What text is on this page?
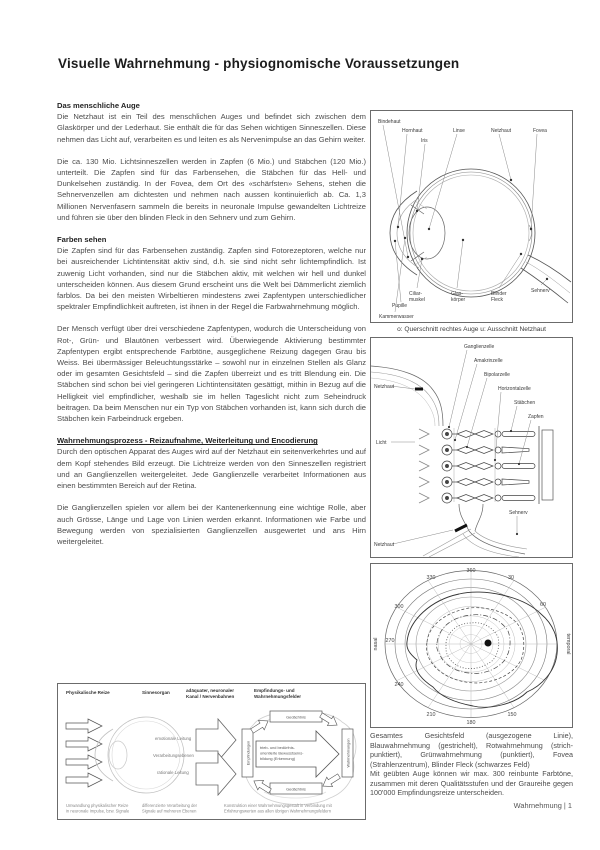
Visuelle Wahrnehmung - physiognomische Voraussetzungen
Das menschliche Auge

Die Netzhaut ist ein Teil des menschlichen Auges und befindet sich zwischen dem Glaskörper und der Lederhaut. Sie enthält die für das Sehen wichtigen Sinneszellen. Diese nehmen das Licht auf, verarbeiten es und leiten es als Nervenimpulse an das Gehirn weiter.

Die ca. 130 Mio. Lichtsinneszellen werden in Zapfen (6 Mio.) und Stäbchen (120 Mio.) unterteilt. Die Zapfen sind für das Farbensehen, die Stäbchen für das Hell- und Dunkelsehen zuständig. In der Fovea, dem Ort des «schärfsten» Sehens, stehen die Sehnervenzellen am dichtesten und nehmen nach aussen kontinuierlich ab. Ca. 1,3 Millionen Nervenfasern sammeln die bereits in neuronale Impulse gewandelten Lichtreize und führen sie über den blinden Fleck in den Sehnerv und zum Gehirn.

Farben sehen

Die Zapfen sind für das Farbensehen zuständig. Zapfen sind Fotorezeptoren, welche nur bei ausreichender Lichtintensität aktiv sind, d.h. sie sind nicht sehr lichtempfindlich. Ist zuwenig Licht vorhanden, sind nur die Stäbchen aktiv, mit welchen wir hell und dunkel unterscheiden können. Aus diesem Grund erscheint uns die Welt bei Dämmerlicht ziemlich farblos. Da bei den meisten Wirbeltieren mindestens zwei Zapfentypen unterschiedlicher spektraler Empfindlichkeit auftreten, ist ihnen in der Regel die Farbwahrnehmung möglich.

Der Mensch verfügt über drei verschiedene Zapfentypen, wodurch die Unterscheidung von Rot-, Grün- und Blautönen verbessert wird. Überwiegende Aktivierung bestimmter Zapfentypen ergibt entsprechende Farbtöne, ausgeglichene Reizung dagegen Grau bis Weiss. Bei übermässiger Beleuchtungsstärke – sowohl nur in einzelnen Stellen als Glanz oder im gesamten Gesichtsfeld – sind die Zapfen überreizt und es tritt Blendung ein. Die Stäbchen sind schon bei viel geringeren Lichtintensitäten gesättigt, mithin in Bezug auf die Helligkeit viel empfindlicher, weshalb sie im hellen Tageslicht nicht zum Seheindruck beitragen. Da beim Menschen nur ein Typ von Stäbchen vorhanden ist, kann sich durch die Stäbchen kein Farbeindruck ergeben.

Wahrnehmungsprozess - Reizaufnahme, Weiterleitung und Encodierung

Durch den optischen Apparat des Auges wird auf der Netzhaut ein seitenverkehrtes und auf dem Kopf stehendes Bild erzeugt. Die Lichtreize werden von den Sinneszellen registriert und an Ganglienzellen weitergeleitet. Jede Ganglienzelle verarbeitet Informationen aus einen bestimmten Bereich auf der Retina.

Die Ganglienzellen spielen vor allem bei der Kantenerkennung eine wichtige Rolle, aber auch Grösse, Länge und Lage von Linien werden erkannt. Informationen wie Farbe und Bewegung werden von spezialisierten Ganglienzellen ausgewertet und ans Hirn weitergeleitet.

Bindehaut
Hornhaut
Iris
Linse	Netzhaut	Fovea
Kammerwasser
Pupille
Ciliar-
muskel
Glas-
körper
Blinder
Fleck
Sehnerv
o: Querschnitt rechtes Auge u: Ausschnitt Netzhaut
Ganglienzelle
Amakrinzelle
Bipolarzelle
Horizontalzelle
Stäbchen
Zapfen
Netzhaut
Licht
Netzhaut
Sehnerv
360
30
60
150
180
210
240
270
300
330
nasal	temporal
Gesamtes Gesichtsfeld (ausgezogene Linie), Blauwahrnehmung (gestrichelt), Rotwahrnehmung (strich-punktiert), Grünwahrnehmung (punktiert), Fovea (Strahlenzentrum), Blinder Fleck (schwarzes Feld)
Mit geübten Auge können wir max. 300 reinbunte Farbtöne, zusammen mit deren Qualitätsstufen und der Graureihe gegen 100'000 Empfindungsreize unterscheiden.
Wahrnehmung | 1
Physikalische Reize	Sinnesorgan	adäquater, neuronaler
Kanal / Nervenbahnen
Empfindungs- und
Wahrnehmungsfelder
emotionale Leitung
Verarbeitungsebenen
rationale Leitung
Gedächtnis
Gedächtnis
Empfindungen	Wahrnehmungen
trieb- und bedürfnis-
orientierte Bewusstseins-
bildung (Erkennung)
Umwandlung physikalischer Reize
in neuronale Impulse, bzw. Signale
differenzierte Verarbeitung der
Signale auf mehreren Ebenen
Konstruktion einer Wahrnehmungsgestalt in Verbindung mit
Erfahrungswerten aus allen übrigen Wahrnehmungsfeldern
